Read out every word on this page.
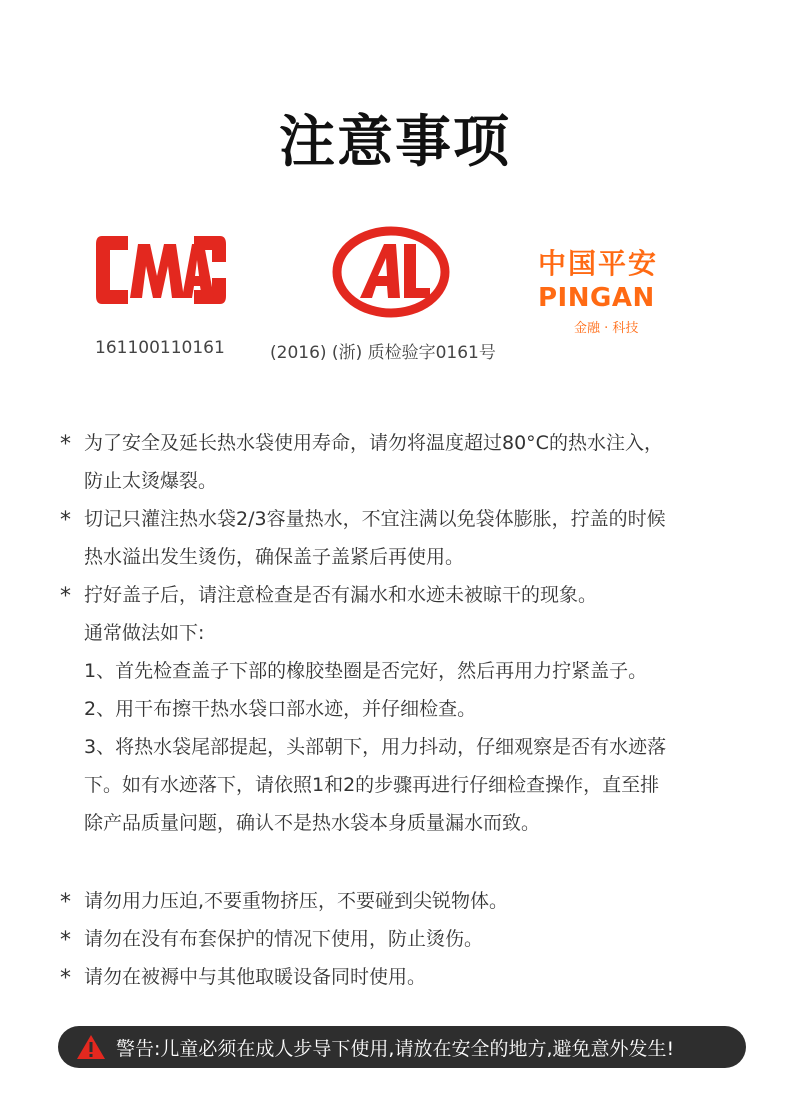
注意事项
中国平安
PINGAN
金融 · 科技
161100110161	(2016) (浙) 质检验字0161号
* 为了安全及延长热水袋使用寿命，请勿将温度超过80°C的热水注入，
防止太烫爆裂。
* 切记只灌注热水袋2/3容量热水，不宜注满以免袋体膨胀，拧盖的时候
热水溢出发生烫伤，确保盖子盖紧后再使用。
* 拧好盖子后，请注意检查是否有漏水和水迹未被晾干的现象。
通常做法如下:
1、首先检查盖子下部的橡胶垫圈是否完好，然后再用力拧紧盖子。
2、用干布擦干热水袋口部水迹，并仔细检查。
3、将热水袋尾部提起，头部朝下，用力抖动，仔细观察是否有水迹落
下。如有水迹落下，请依照1和2的步骤再进行仔细检查操作，直至排
除产品质量问题，确认不是热水袋本身质量漏水而致。
* 请勿用力压迫,不要重物挤压，不要碰到尖锐物体。
* 请勿在没有布套保护的情况下使用，防止烫伤。
* 请勿在被褥中与其他取暖设备同时使用。
警告:儿童必须在成人步导下使用,请放在安全的地方,避免意外发生!
